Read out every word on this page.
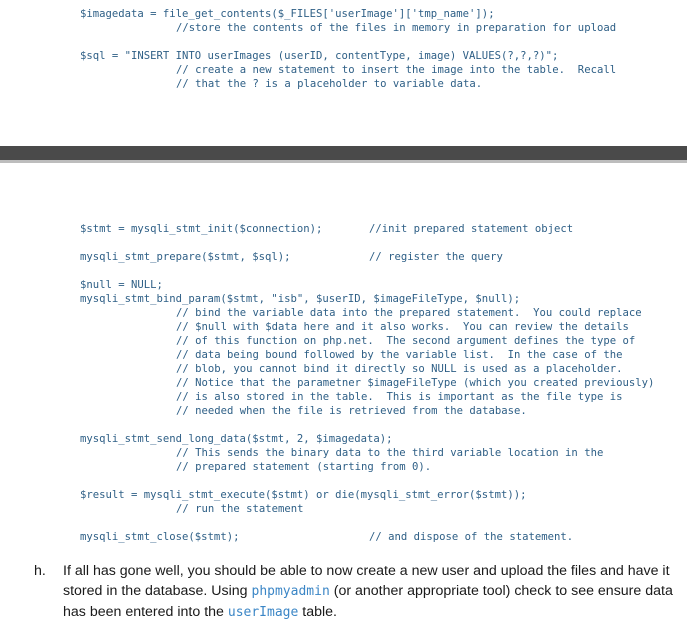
$imagedata = file_get_contents($_FILES['userImage']['tmp_name']);
//store the contents of the files in memory in preparation for upload
$sql = "INSERT INTO userImages (userID, contentType, image) VALUES(?,?,?)";
// create a new statement to insert the image into the table.  Recall
// that the ? is a placeholder to variable data.
$stmt = mysqli_stmt_init($connection);	//init prepared statement object
mysqli_stmt_prepare($stmt, $sql);	// register the query
$null = NULL;
mysqli_stmt_bind_param($stmt, "isb", $userID, $imageFileType, $null);
// bind the variable data into the prepared statement.  You could replace
// $null with $data here and it also works.  You can review the details
// of this function on php.net.  The second argument defines the type of
// data being bound followed by the variable list.  In the case of the
// blob, you cannot bind it directly so NULL is used as a placeholder.
// Notice that the parametner $imageFileType (which you created previously)
// is also stored in the table.  This is important as the file type is
// needed when the file is retrieved from the database.
mysqli_stmt_send_long_data($stmt, 2, $imagedata);
// This sends the binary data to the third variable location in the
// prepared statement (starting from 0).
$result = mysqli_stmt_execute($stmt) or die(mysqli_stmt_error($stmt));
// run the statement
mysqli_stmt_close($stmt);	// and dispose of the statement.
h. If all has gone well, you should be able to now create a new user and upload the files and have it stored in the database. Using phpmyadmin (or another appropriate tool) check to see ensure data has been entered into the userImage table.
